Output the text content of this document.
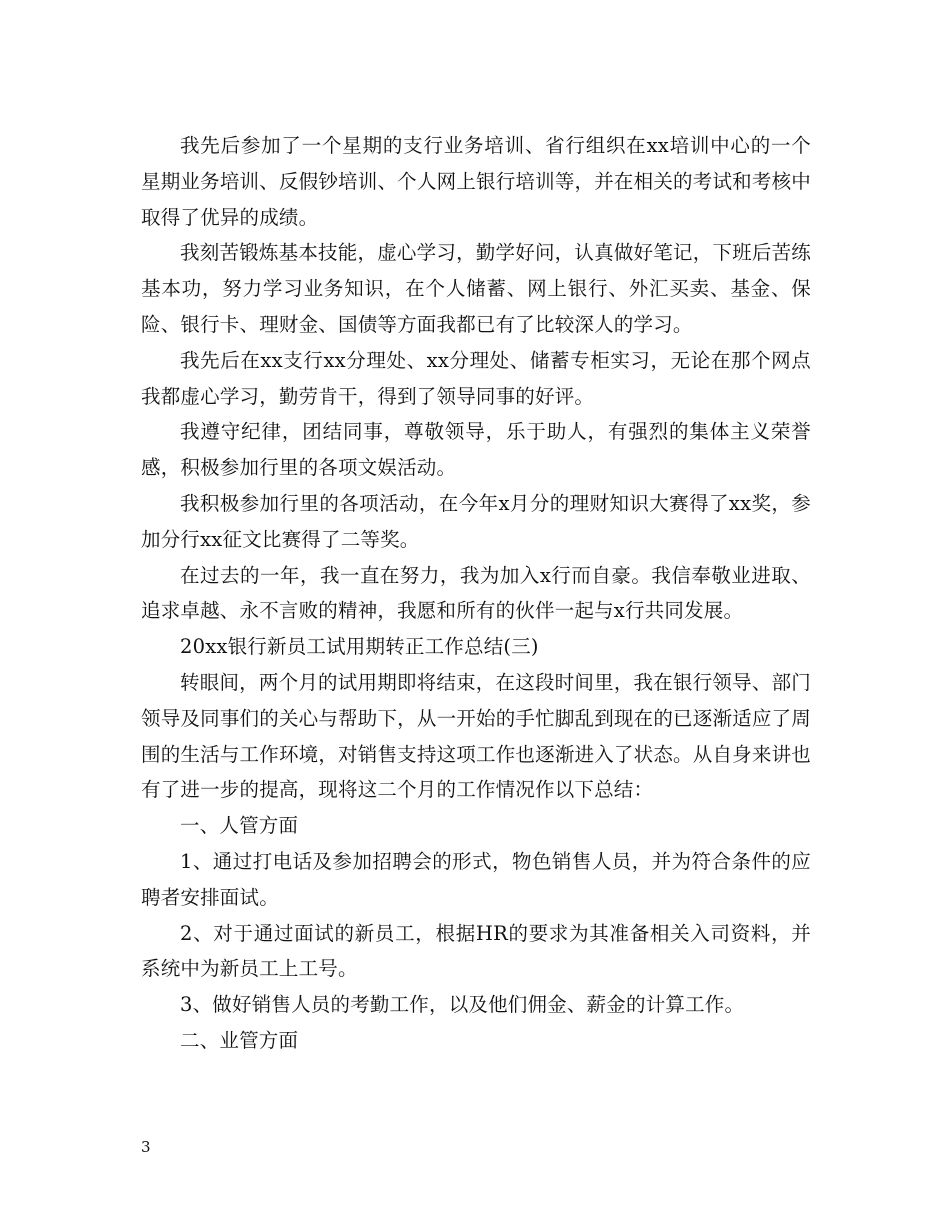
我先后参加了一个星期的支行业务培训、省行组织在xx培训中心的一个星期业务培训、反假钞培训、个人网上银行培训等，并在相关的考试和考核中取得了优异的成绩。

我刻苦锻炼基本技能，虚心学习，勤学好问，认真做好笔记，下班后苦练基本功，努力学习业务知识，在个人储蓄、网上银行、外汇买卖、基金、保险、银行卡、理财金、国债等方面我都已有了比较深人的学习。

我先后在xx支行xx分理处、xx分理处、储蓄专柜实习，无论在那个网点我都虚心学习，勤劳肯干，得到了领导同事的好评。

我遵守纪律，团结同事，尊敬领导，乐于助人，有强烈的集体主义荣誉感，积极参加行里的各项文娱活动。

我积极参加行里的各项活动，在今年x月分的理财知识大赛得了xx奖，参加分行xx征文比赛得了二等奖。

在过去的一年，我一直在努力，我为加入x行而自豪。我信奉敬业进取、追求卓越、永不言败的精神，我愿和所有的伙伴一起与x行共同发展。

20xx银行新员工试用期转正工作总结(三)

转眼间，两个月的试用期即将结束，在这段时间里，我在银行领导、部门领导及同事们的关心与帮助下，从一开始的手忙脚乱到现在的已逐渐适应了周围的生活与工作环境，对销售支持这项工作也逐渐进入了状态。从自身来讲也有了进一步的提高，现将这二个月的工作情况作以下总结：

一、人管方面

1、通过打电话及参加招聘会的形式，物色销售人员，并为符合条件的应聘者安排面试。

2、对于通过面试的新员工，根据HR的要求为其准备相关入司资料，并系统中为新员工上工号。

3、做好销售人员的考勤工作，以及他们佣金、薪金的计算工作。

二、业管方面

3
